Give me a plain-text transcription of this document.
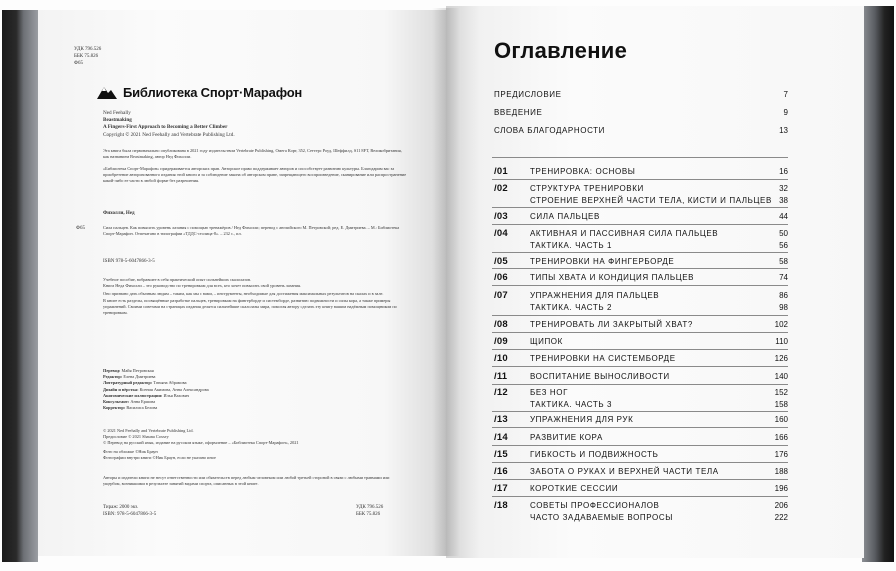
УДК 796.526
ББК 75.826
Ф65
Библиотека Спорт·Марафон
Ned Feehally
Beastmaking
A Fingers-First Approach to Becoming a Better Climber
Copyright © 2021 Ned Feehally and Vertebrate Publishing Ltd.
Эта книга была первоначально опубликована в 2021 году издательством Vertebrate Publishing, Омега Корт, 352, Сеттерс Роуд, Шеффилд, S11 8FT, Великобритания, как названием Beastmaking, автор Нед Фихолли.
«Библиотека Спорт-Марафон» придерживается авторских прав. Авторское право поддерживает авторов и способствует развитию культуры. Благодарим вас за приобретение авторизованного издания этой книги и за соблюдение закона об авторском праве, запрещающего воспроизведение, сканирование или распространение какой-либо ее части в любой форме без разрешения.
Фихолли, Нед
Ф65	Сила пальцев. Как повысить уровень лазания с помощью тренажёров / Нед Фихолли; перевод с английского М. Петровской; ред. Е. Дмитриева. – М.: Библиотека Спорт-Марафон. Отпечатано в типографии «ТДДС-столица-8». – 232 с., ил.
ISBN 978-5-6047866-3-5
Учебное пособие, вобравшее в себя практический опыт сильнейших скалолазов.
Книга Неда Фихолли – это руководство по тренировкам для всех, кто хочет повысить свой уровень лазания.
Оно призвано дать обычным людям – таким, как мы с вами, – инструменты, необходимые для достижения максимальных результатов на скалах и в зале.
В книге есть разделы, посвящённые разработке пальцев, тренировкам на фингерборде и системборде, развитию подвижности и силы кора, а также примеры упражнений. Своими советами на страницах издания делятся сильнейшие скалолазы мира, помогая автору сделать эту книгу вашим надёжным помощником по тренировкам.
Перевод: Майя Петровская
Редактор: Елена Дмитриева
Литературный редактор: Татьяна Абрамова
Дизайн и вёрстка: Ксения Акимова, Анна Александрова
Анатомические иллюстрации: Илья Вахович
Консультант: Анна Ершова
Корректор: Василиса Белова
© 2021 Ned Feehally and Vertebrate Publishing Ltd.
Предисловие © 2021 Shauna Coxsey
© Перевод на русский язык, издание на русском языке, оформление – «Библиотека Спорт-Марафон», 2021
Фото на обложке ©Ник Браун
Фотографии внутри книги ©Ник Браун, если не указано иное
Авторы и издатели книги не несут ответственности или обязательств перед любым человеком или любой третьей стороной в связи с любыми травмами или ущербом, возникшими в результате занятий видами спорта, описанных в этой книге.
Тираж: 2000 экз.
ISBN: 978-5-6047866-3-5
УДК 796.526
ББК 75.826
Оглавление
ПРЕДИСЛОВИЕ	7
ВВЕДЕНИЕ	9
СЛОВА БЛАГОДАРНОСТИ	13
/01	ТРЕНИРОВКА: ОСНОВЫ	16
/02	СТРУКТУРА ТРЕНИРОВКИ	32
СТРОЕНИЕ ВЕРХНЕЙ ЧАСТИ ТЕЛА, КИСТИ И ПАЛЬЦЕВ 38
/03	СИЛА ПАЛЬЦЕВ	44
/04	АКТИВНАЯ И ПАССИВНАЯ СИЛА ПАЛЬЦЕВ	50
ТАКТИКА. ЧАСТЬ 1	56
/05	ТРЕНИРОВКИ НА ФИНГЕРБОРДЕ	58
/06	ТИПЫ ХВАТА И КОНДИЦИЯ ПАЛЬЦЕВ	74
/07	УПРАЖНЕНИЯ ДЛЯ ПАЛЬЦЕВ	86
ТАКТИКА. ЧАСТЬ 2	98
/08	ТРЕНИРОВАТЬ ЛИ ЗАКРЫТЫЙ ХВАТ?	102
/09	ЩИПОК	110
/10	ТРЕНИРОВКИ НА СИСТЕМБОРДЕ	126
/11	ВОСПИТАНИЕ ВЫНОСЛИВОСТИ	140
/12	БЕЗ НОГ	152
ТАКТИКА. ЧАСТЬ 3	158
/13	УПРАЖНЕНИЯ ДЛЯ РУК	160
/14	РАЗВИТИЕ КОРА	166
/15	ГИБКОСТЬ И ПОДВИЖНОСТЬ	176
/16	ЗАБОТА О РУКАХ И ВЕРХНЕЙ ЧАСТИ ТЕЛА	188
/17	КОРОТКИЕ СЕССИИ	196
/18	СОВЕТЫ ПРОФЕССИОНАЛОВ	206
ЧАСТО ЗАДАВАЕМЫЕ ВОПРОСЫ	222
